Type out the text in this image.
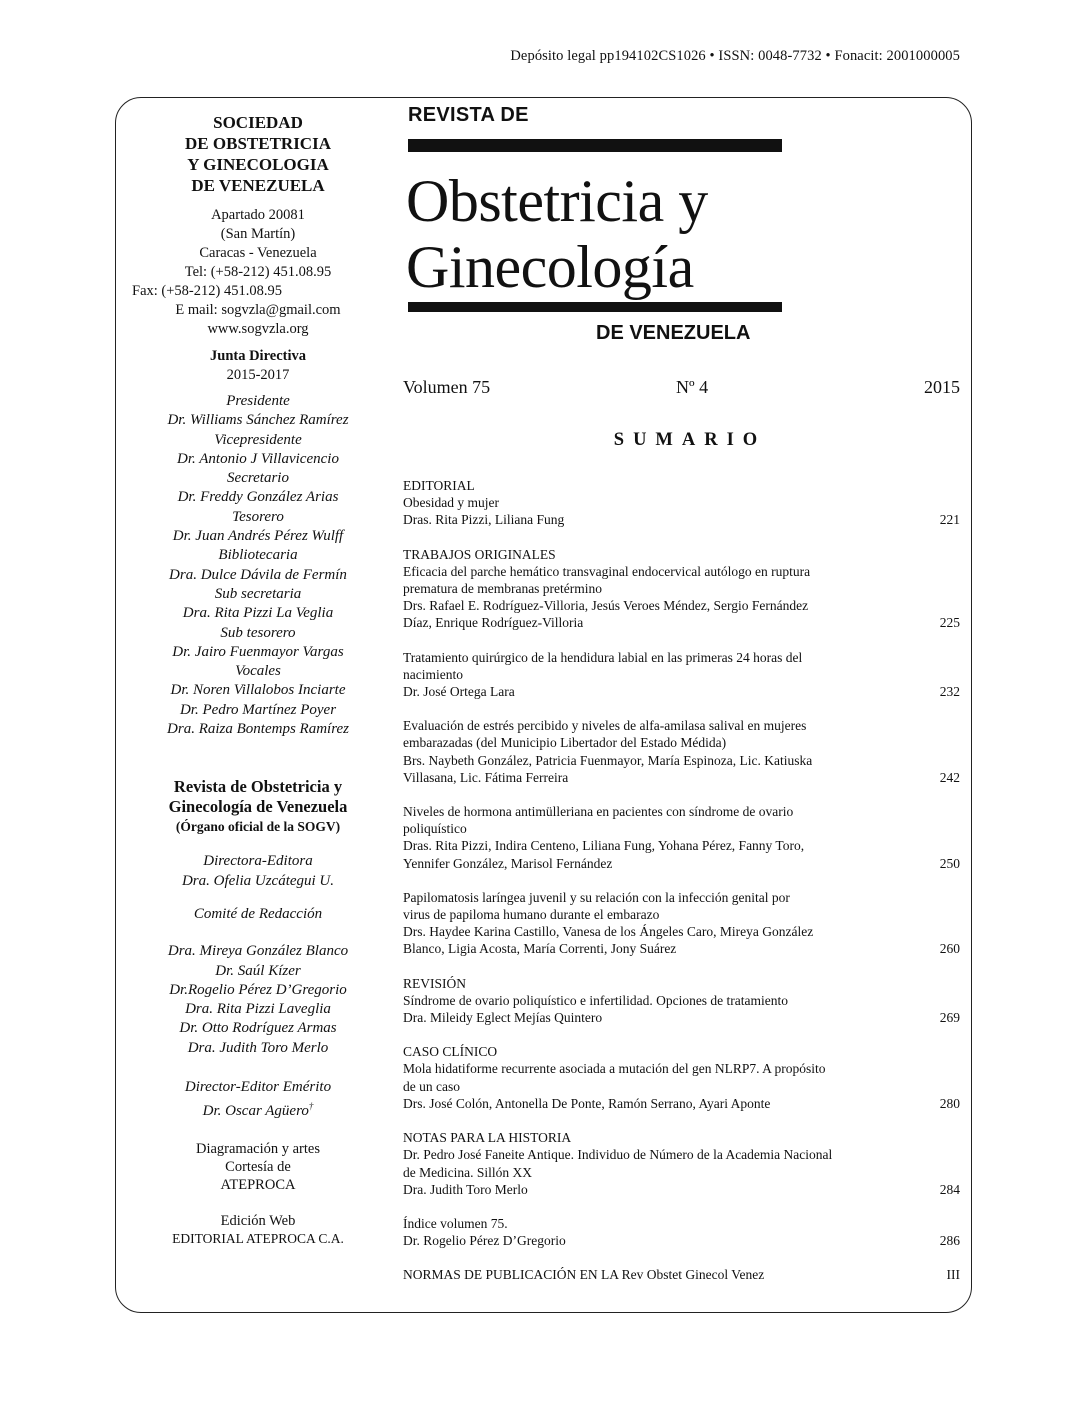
Depósito legal pp194102CS1026 • ISSN: 0048-7732 • Fonacit: 2001000005
SOCIEDAD
DE OBSTETRICIA
Y GINECOLOGIA
DE VENEZUELA
Apartado 20081
(San Martín)
Caracas - Venezuela
Tel: (+58-212) 451.08.95
Fax: (+58-212) 451.08.95
E mail: sogvzla@gmail.com
www.sogvzla.org
Junta Directiva
2015-2017
Presidente
Dr. Williams Sánchez Ramírez
Vicepresidente
Dr. Antonio J Villavicencio
Secretario
Dr. Freddy González Arias
Tesorero
Dr. Juan Andrés Pérez Wulff
Bibliotecaria
Dra. Dulce Dávila de Fermín
Sub secretaria
Dra. Rita Pizzi La Veglia
Sub tesorero
Dr. Jairo Fuenmayor Vargas
Vocales
Dr. Noren Villalobos Inciarte
Dr. Pedro Martínez Poyer
Dra. Raiza Bontemps Ramírez
Revista de Obstetricia y
Ginecología de Venezuela
(Órgano oficial de la SOGV)
Directora-Editora
Dra. Ofelia Uzcátegui U.
Comité de Redacción
Dra. Mireya González Blanco
Dr. Saúl Kízer
Dr.Rogelio Pérez D’Gregorio
Dra. Rita Pizzi Laveglia
Dr. Otto Rodríguez Armas
Dra. Judith Toro Merlo
Director-Editor Emérito
Dr. Oscar Agüero†
Diagramación y artes
Cortesía de
ATEPROCA
Edición Web
EDITORIAL ATEPROCA C.A.
REVISTA DE
Obstetricia y
Ginecología
DE VENEZUELA
Volumen 75	Nº 4	2015
SUMARIO
EDITORIAL
Obesidad y mujer
Dras. Rita Pizzi, Liliana Fung	221
TRABAJOS ORIGINALES
Eficacia del parche hemático transvaginal endocervical autólogo en ruptura
prematura de membranas pretérmino
Drs. Rafael E. Rodríguez-Villoria, Jesús Veroes Méndez, Sergio Fernández
Díaz, Enrique Rodríguez-Villoria	225
Tratamiento quirúrgico de la hendidura labial en las primeras 24 horas del
nacimiento
Dr. José Ortega Lara	232
Evaluación de estrés percibido y niveles de alfa-amilasa salival en mujeres
embarazadas (del Municipio Libertador del Estado Médida)
Brs. Naybeth González, Patricia Fuenmayor, María Espinoza, Lic. Katiuska
Villasana, Lic. Fátima Ferreira	242
Niveles de hormona antimülleriana en pacientes con síndrome de ovario
poliquístico
Dras. Rita Pizzi, Indira Centeno, Liliana Fung, Yohana Pérez, Fanny Toro,
Yennifer González, Marisol Fernández	250
Papilomatosis laríngea juvenil y su relación con la infección genital por
virus de papiloma humano durante el embarazo
Drs. Haydee Karina Castillo, Vanesa de los Ángeles Caro, Mireya González
Blanco, Ligia Acosta, María Correnti, Jony Suárez	260
REVISIÓN
Síndrome de ovario poliquístico e infertilidad. Opciones de tratamiento
Dra. Mileidy Eglect Mejías Quintero	269
CASO CLÍNICO
Mola hidatiforme recurrente asociada a mutación del gen NLRP7. A propósito
de un caso
Drs. José Colón, Antonella De Ponte, Ramón Serrano, Ayari Aponte	280
NOTAS PARA LA HISTORIA
Dr. Pedro José Faneite Antique. Individuo de Número de la Academia Nacional
de Medicina. Sillón XX
Dra. Judith Toro Merlo	284
Índice volumen 75.
Dr. Rogelio Pérez D’Gregorio	286
NORMAS DE PUBLICACIÓN EN LA Rev Obstet Ginecol Venez	III
